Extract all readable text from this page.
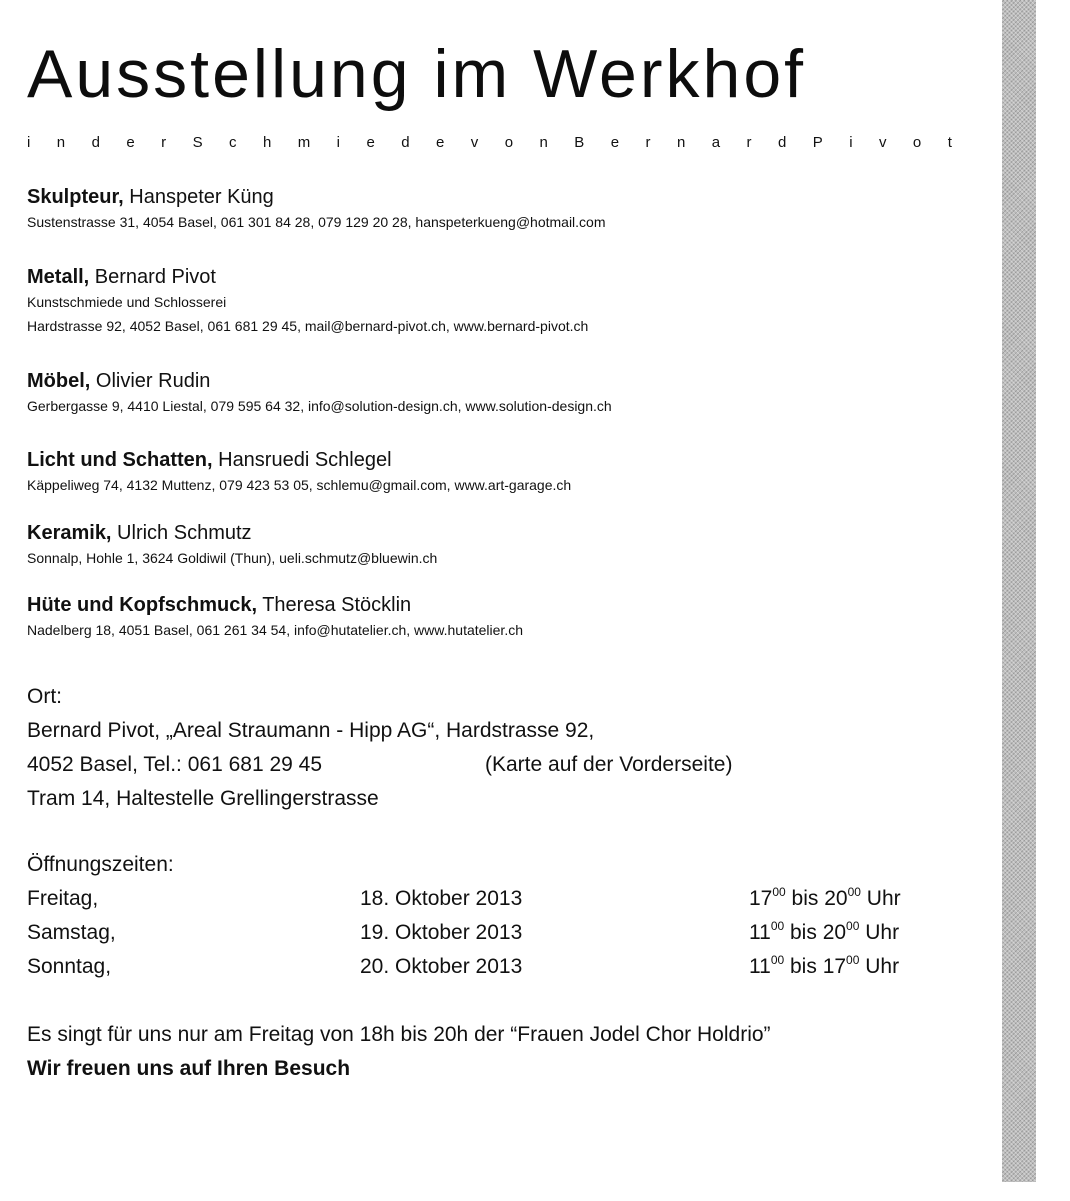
Ausstellung im Werkhof
i n d e r S c h m i e d e v o n B e r n a r d P i v o t
Skulpteur, Hanspeter Küng
Sustenstrasse 31, 4054 Basel, 061 301 84 28, 079 129 20 28, hanspeterkueng@hotmail.com
Metall, Bernard Pivot
Kunstschmiede und Schlosserei
Hardstrasse 92, 4052 Basel, 061 681 29 45, mail@bernard-pivot.ch, www.bernard-pivot.ch
Möbel, Olivier Rudin
Gerbergasse 9, 4410 Liestal, 079 595 64 32, info@solution-design.ch, www.solution-design.ch
Licht und Schatten, Hansruedi Schlegel
Käppeliweg 74, 4132 Muttenz, 079 423 53 05, schlemu@gmail.com, www.art-garage.ch
Keramik, Ulrich Schmutz
Sonnalp, Hohle 1, 3624 Goldiwil (Thun), ueli.schmutz@bluewin.ch
Hüte und Kopfschmuck, Theresa Stöcklin
Nadelberg 18, 4051 Basel, 061 261 34 54, info@hutatelier.ch, www.hutatelier.ch
Ort:
Bernard Pivot, „Areal Straumann - Hipp AG“, Hardstrasse 92,
4052 Basel, Tel.: 061 681 29 45	(Karte auf der Vorderseite)
Tram 14, Haltestelle Grellingerstrasse
Öffnungszeiten:
Freitag,	18. Oktober 2013	$17^{00}$ bis $20^{00}$ Uhr
Samstag,	19. Oktober 2013	$11^{00}$ bis $20^{00}$ Uhr
Sonntag,	20. Oktober 2013	$11^{00}$ bis $17^{00}$ Uhr
Es singt für uns nur am Freitag von 18h bis 20h der “Frauen Jodel Chor Holdrio”
Wir freuen uns auf Ihren Besuch
